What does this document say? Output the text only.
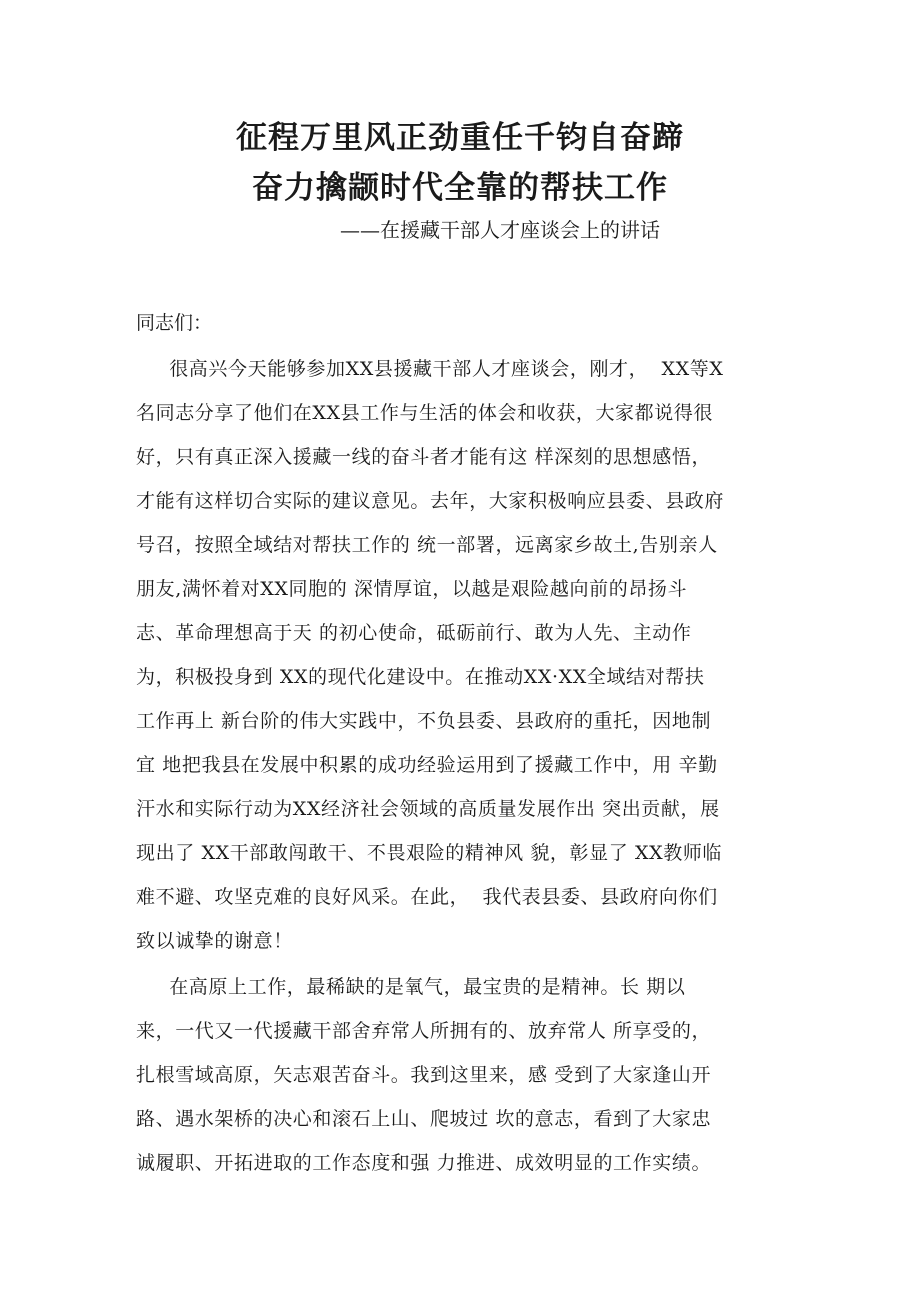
征程万里风正劲重任千钧自奋蹄
奋力擒颛时代全靠的帮扶工作

——在援藏干部人才座谈会上的讲话

同志们：

很高兴今天能够参加XX县援藏干部人才座谈会，刚才，  XX等X

名同志分享了他们在XX县工作与生活的体会和收获，大家都说得很

好，只有真正深入援藏一线的奋斗者才能有这 样深刻的思想感悟，

才能有这样切合实际的建议意见。去年，大家积极响应县委、县政府

号召，按照全域结对帮扶工作的 统一部署，远离家乡故土,告别亲人

朋友,满怀着对XX同胞的 深情厚谊，以越是艰险越向前的昂扬斗

志、革命理想高于天 的初心使命，砥砺前行、敢为人先、主动作

为，积极投身到 XX的现代化建设中。在推动XX·XX全域结对帮扶

工作再上 新台阶的伟大实践中，不负县委、县政府的重托，因地制

宜 地把我县在发展中积累的成功经验运用到了援藏工作中，用 辛勤

汗水和实际行动为XX经济社会领域的高质量发展作出 突出贡献，展

现出了 XX干部敢闯敢干、不畏艰险的精神风 貌，彰显了 XX教师临

难不避、攻坚克难的良好风采。在此，  我代表县委、县政府向你们

致以诚挚的谢意！

在高原上工作，最稀缺的是氧气，最宝贵的是精神。长 期以

来，一代又一代援藏干部舍弃常人所拥有的、放弃常人 所享受的，

扎根雪域高原，矢志艰苦奋斗。我到这里来，感 受到了大家逢山开

路、遇水架桥的决心和滚石上山、爬坡过 坎的意志，看到了大家忠

诚履职、开拓进取的工作态度和强 力推进、成效明显的工作实绩。
